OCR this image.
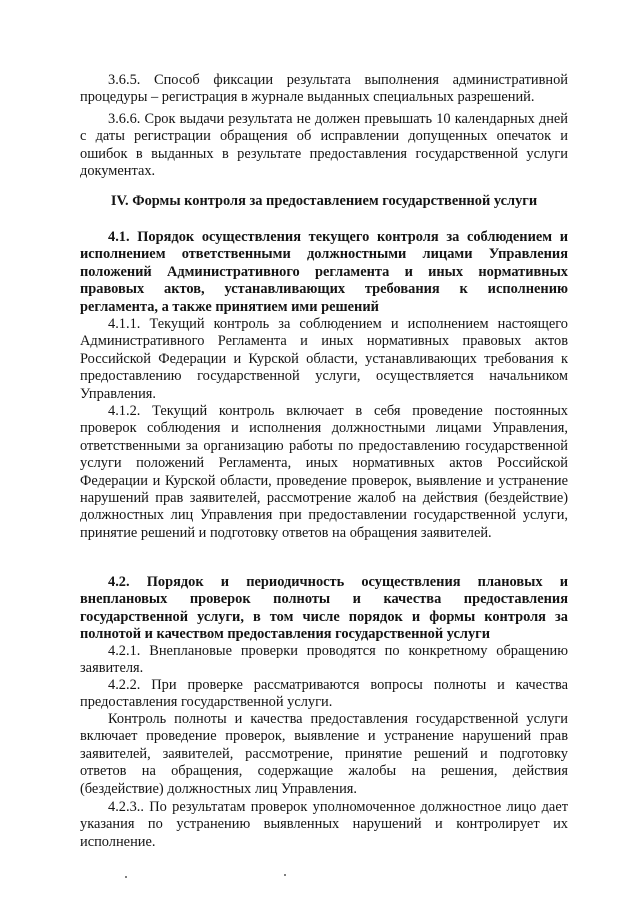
3.6.5. Способ фиксации результата выполнения административной процедуры – регистрация в журнале выданных специальных разрешений.

3.6.6. Срок выдачи результата не должен превышать 10 календарных дней с даты регистрации обращения об исправлении допущенных опечаток и ошибок в выданных в результате предоставления государственной услуги документах.

IV. Формы контроля за предоставлением государственной услуги

4.1. Порядок осуществления текущего контроля за соблюдением и исполнением ответственными должностными лицами Управления положений Административного регламента и иных нормативных правовых актов, устанавливающих требования к исполнению регламента, а также принятием ими решений

4.1.1. Текущий контроль за соблюдением и исполнением настоящего Административного Регламента и иных нормативных правовых актов Российской Федерации и Курской области, устанавливающих требования к предоставлению государственной услуги, осуществляется начальником Управления.

4.1.2. Текущий контроль включает в себя проведение постоянных проверок соблюдения и исполнения должностными лицами Управления, ответственными за организацию работы по предоставлению государственной услуги положений Регламента, иных нормативных актов Российской Федерации и Курской области, проведение проверок, выявление и устранение нарушений прав заявителей, рассмотрение жалоб на действия (бездействие) должностных лиц Управления при предоставлении государственной услуги, принятие решений и подготовку ответов на обращения заявителей.

4.2. Порядок и периодичность осуществления плановых и внеплановых проверок полноты и качества предоставления государственной услуги, в том числе порядок и формы контроля за полнотой и качеством предоставления государственной услуги

4.2.1. Внеплановые проверки проводятся по конкретному обращению заявителя.

4.2.2. При проверке рассматриваются вопросы полноты и качества предоставления государственной услуги.

Контроль полноты и качества предоставления государственной услуги включает проведение проверок, выявление и устранение нарушений прав заявителей, заявителей, рассмотрение, принятие решений и подготовку ответов на обращения, содержащие жалобы на решения, действия (бездействие) должностных лиц Управления.

4.2.3.. По результатам проверок уполномоченное должностное лицо дает указания по устранению выявленных нарушений и контролирует их исполнение.
